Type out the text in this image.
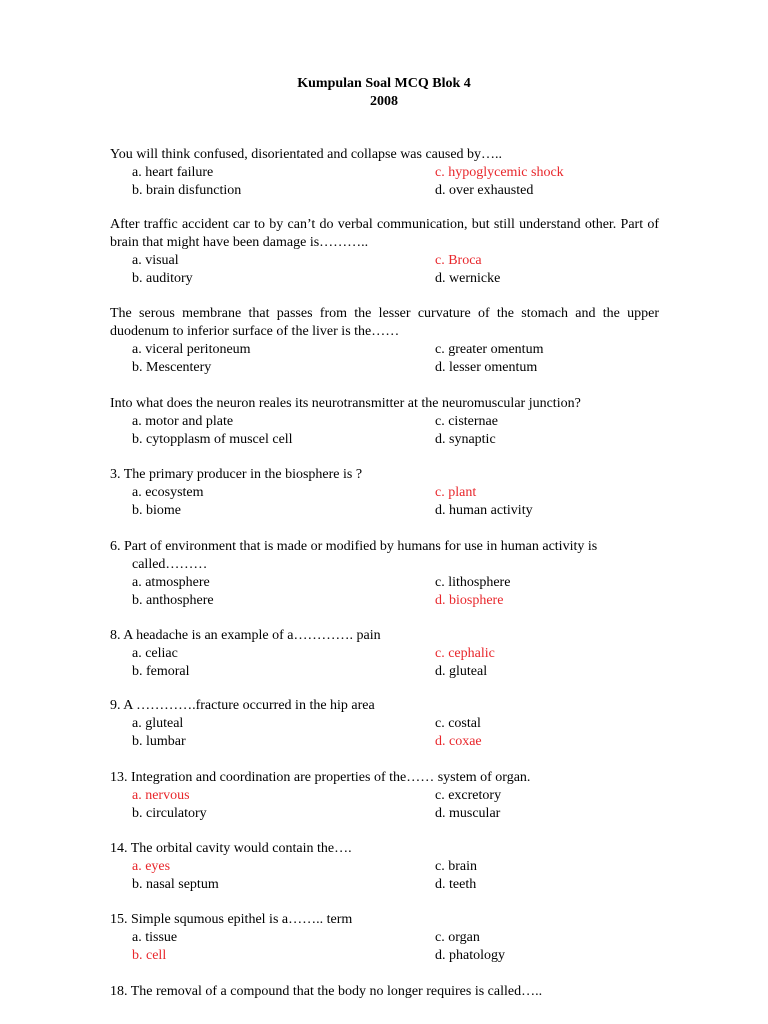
Kumpulan Soal MCQ Blok 4
2008
You will think confused, disorientated and collapse was caused by…..
a. heart failure	c. hypoglycemic shock
b. brain disfunction	d. over exhausted
After traffic accident car to by can’t do verbal communication, but still understand other. Part of brain that might have been damage is………..
a. visual	c. Broca
b. auditory	d. wernicke
The serous membrane that passes from the lesser curvature of the stomach and the upper duodenum to inferior surface of the liver is the……
a. viceral peritoneum	c. greater omentum
b. Mescentery	d. lesser omentum
Into what does the neuron reales its neurotransmitter at the neuromuscular junction?
a. motor and plate	c. cisternae
b. cytopplasm of muscel cell	d. synaptic
3. The primary producer in the biosphere is ?
a. ecosystem	c. plant
b. biome	d. human activity
6. Part of environment that is made or modified by humans for use in human activity is
called………
a. atmosphere	c. lithosphere
b. anthosphere	d. biosphere
8. A headache is an example of a…………. pain
a. celiac	c. cephalic
b. femoral	d. gluteal
9. A ………….fracture occurred in the hip area
a. gluteal	c. costal
b. lumbar	d. coxae
13. Integration and coordination are properties of the…… system of organ.
a. nervous	c. excretory
b. circulatory	d. muscular
14. The orbital cavity would contain the….
a. eyes	c. brain
b. nasal septum	d. teeth
15. Simple squmous epithel is a…….. term
a. tissue	c. organ
b. cell	d. phatology
18. The removal of a compound that the body no longer requires is called…..
